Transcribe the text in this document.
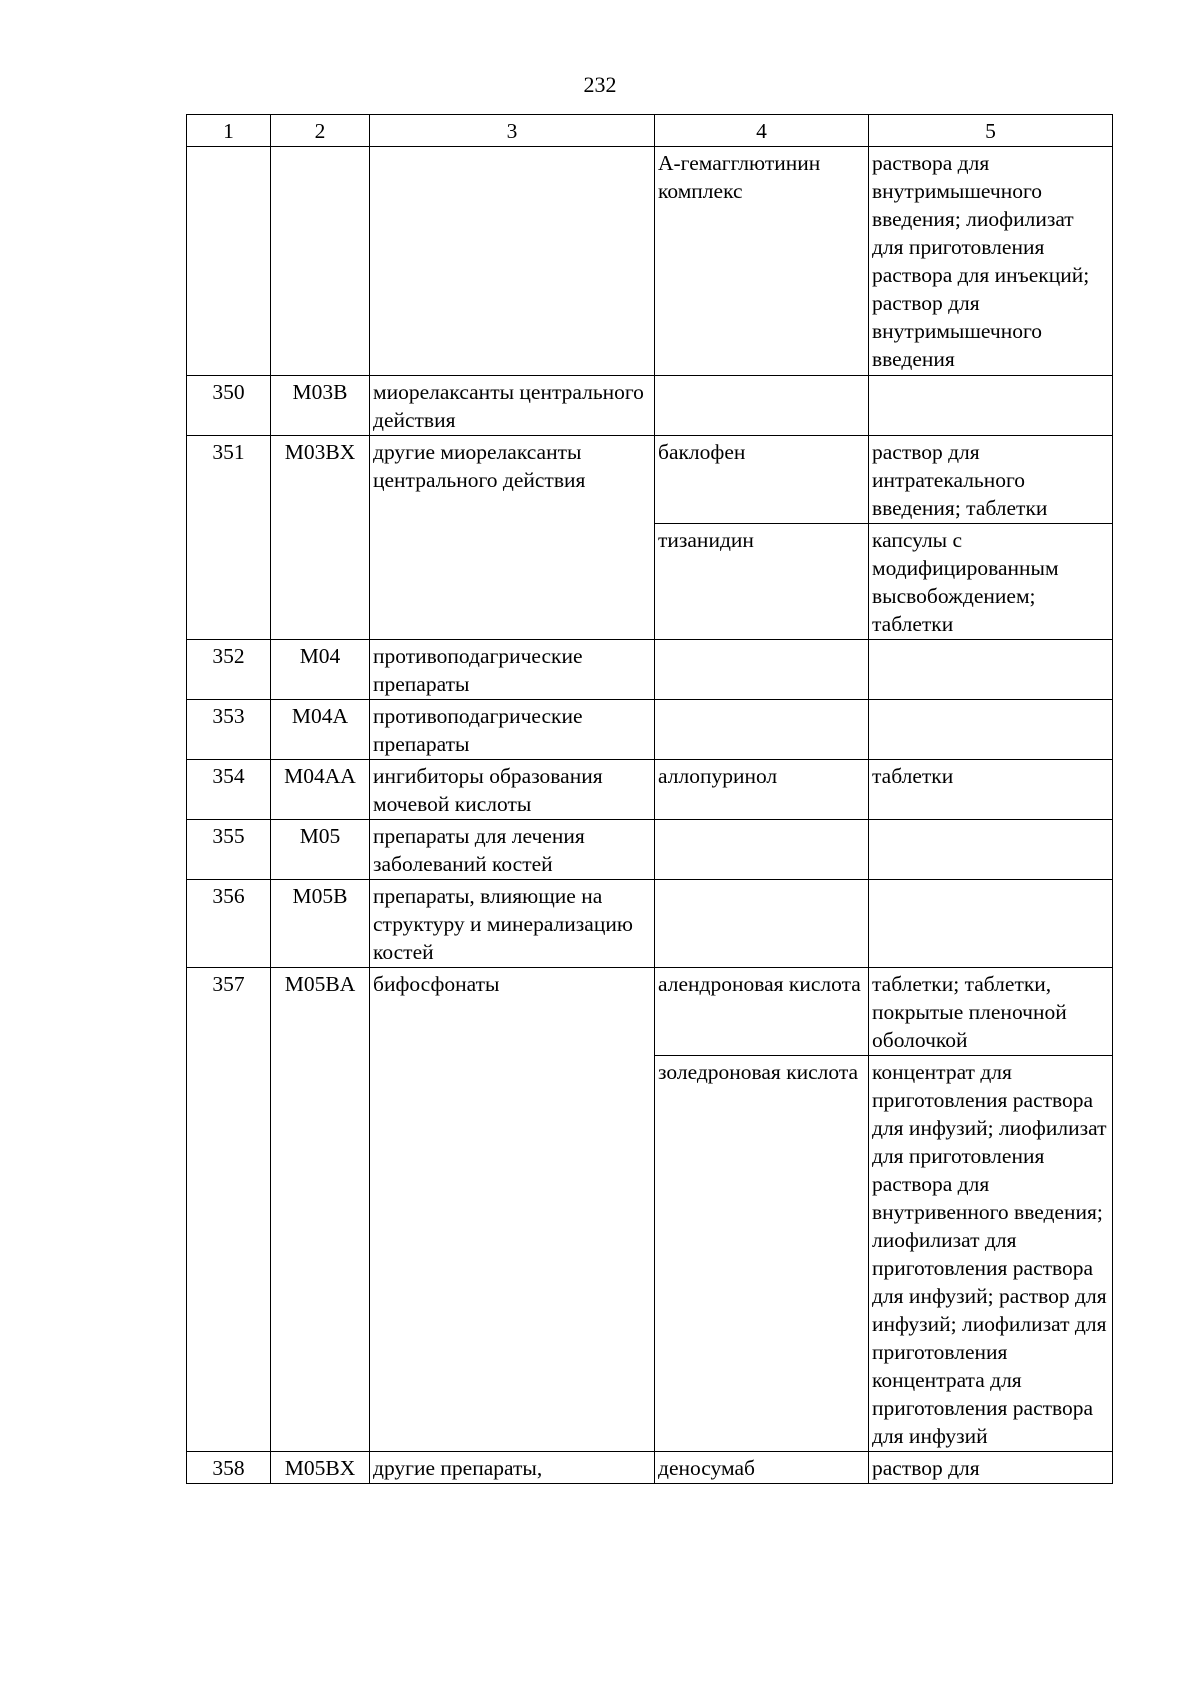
232
1	2	3	4	5
			А-гемагглютинин комплекс	раствора для внутримышечного введения; лиофилизат для приготовления раствора для инъекций; раствор для внутримышечного введения
350	M03B	миорелаксанты центрального действия		
351	M03BX	другие миорелаксанты центрального действия	баклофен	раствор для интратекального введения; таблетки
			тизанидин	капсулы с модифицированным высвобождением; таблетки
352	M04	противоподагрические препараты		
353	M04A	противоподагрические препараты		
354	M04AA	ингибиторы образования мочевой кислоты	аллопуринол	таблетки
355	M05	препараты для лечения заболеваний костей		
356	M05B	препараты, влияющие на структуру и минерализацию костей		
357	M05BA	бифосфонаты	алендроновая кислота	таблетки; таблетки, покрытые пленочной оболочкой
			золедроновая кислота	концентрат для приготовления раствора для инфузий; лиофилизат для приготовления раствора для внутривенного введения; лиофилизат для приготовления раствора для инфузий; раствор для инфузий; лиофилизат для приготовления концентрата для приготовления раствора для инфузий
358	M05BX	другие препараты,	деносумаб	раствор для
